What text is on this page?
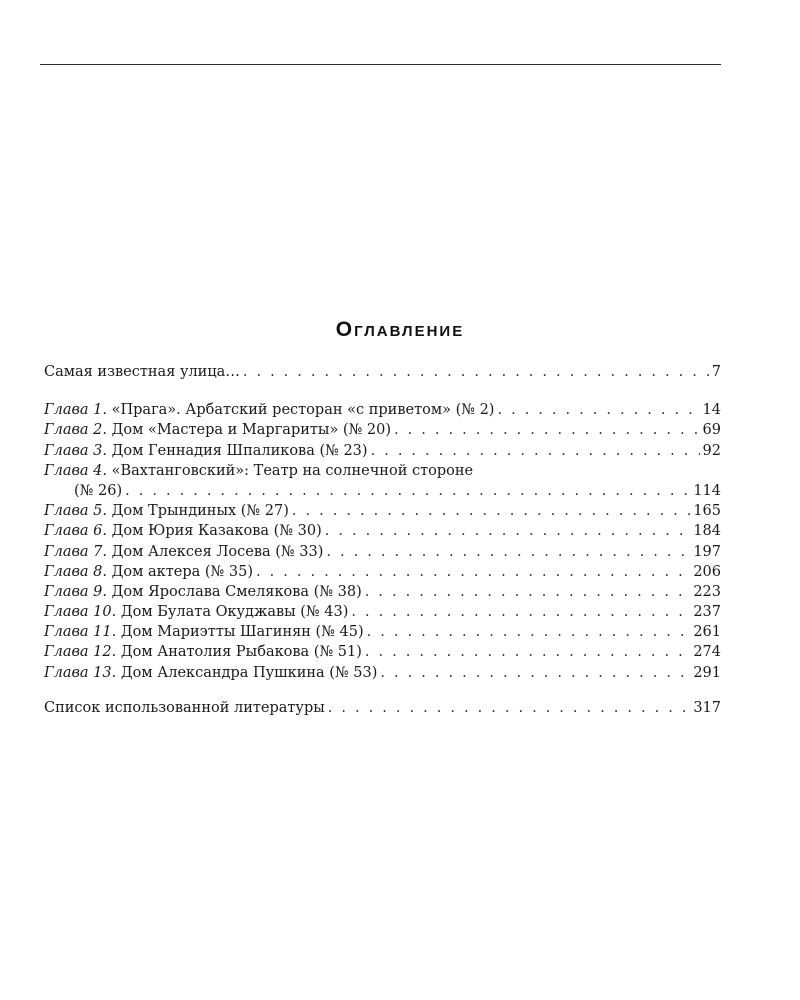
Оглавление
Самая известная улица… . . .	7
Глава 1. «Прага». Арбатский ресторан «с приветом» (№ 2) . . .	14
Глава 2. Дом «Мастера и Маргариты» (№ 20) . . .	69
Глава 3. Дом Геннадия Шпаликова (№ 23) . . .	92
Глава 4. «Вахтанговский»: Театр на солнечной стороне
(№ 26) . . .	114
Глава 5. Дом Трындиных (№ 27) . . .	165
Глава 6. Дом Юрия Казакова (№ 30) . . .	184
Глава 7. Дом Алексея Лосева (№ 33) . . .	197
Глава 8. Дом актера (№ 35) . . .	206
Глава 9. Дом Ярослава Смелякова (№ 38) . . .	223
Глава 10. Дом Булата Окуджавы (№ 43) . . .	237
Глава 11. Дом Мариэтты Шагинян (№ 45) . . .	261
Глава 12. Дом Анатолия Рыбакова (№ 51) . . .	274
Глава 13. Дом Александра Пушкина (№ 53) . . .	291
Список использованной литературы . . .	317
